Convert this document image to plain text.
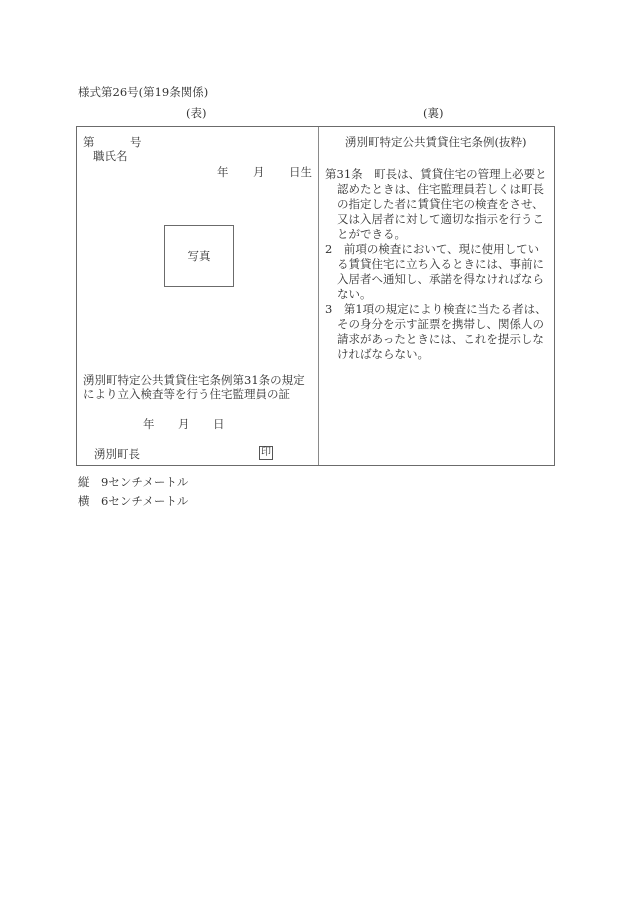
様式第26号(第19条関係)
(表)	(裏)
第	号
職氏名
年 月 日生
写真
湧別町特定公共賃貸住宅条例第31条の規定
により立入検査等を行う住宅監理員の証
年 月 日
湧別町長	印
湧別町特定公共賃貸住宅条例(抜粋)
第31条　町長は、賃貸住宅の管理上必要と
認めたときは、住宅監理員若しくは町長
の指定した者に賃貸住宅の検査をさせ、
又は入居者に対して適切な指示を行うこ
とができる。
2　前項の検査において、現に使用してい
る賃貸住宅に立ち入るときには、事前に
入居者へ通知し、承諾を得なければなら
ない。
3　第1項の規定により検査に当たる者は、
その身分を示す証票を携帯し、関係人の
請求があったときには、これを提示しな
ければならない。
縦　9センチメートル
横　6センチメートル
